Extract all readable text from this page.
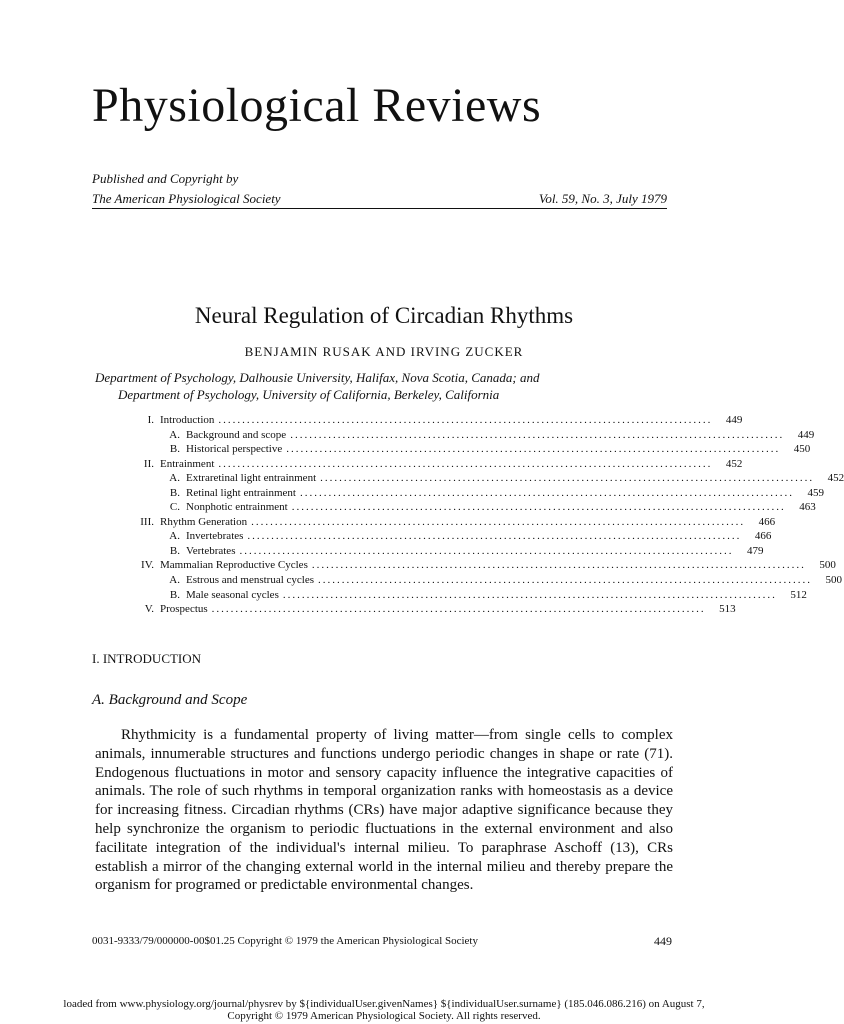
Physiological Reviews
Published and Copyright by
The American Physiological Society	Vol. 59, No. 3, July 1979
Neural Regulation of Circadian Rhythms
BENJAMIN RUSAK AND IRVING ZUCKER
Department of Psychology, Dalhousie University, Halifax, Nova Scotia, Canada; and
Department of Psychology, University of California, Berkeley, California
I. Introduction ........................................................................................................	449
A. Background and scope ........................................................................................................	449
B. Historical perspective ........................................................................................................	450
II. Entrainment ........................................................................................................	452
A. Extraretinal light entrainment ........................................................................................................	452
B. Retinal light entrainment ........................................................................................................	459
C. Nonphotic entrainment ........................................................................................................	463
III. Rhythm Generation ........................................................................................................	466
A. Invertebrates ........................................................................................................	466
B. Vertebrates ........................................................................................................	479
IV. Mammalian Reproductive Cycles ........................................................................................................	500
A. Estrous and menstrual cycles ........................................................................................................	500
B. Male seasonal cycles ........................................................................................................	512
V. Prospectus ........................................................................................................	513
I. INTRODUCTION
A. Background and Scope

Rhythmicity is a fundamental property of living matter—from single cells to complex animals, innumerable structures and functions undergo periodic changes in shape or rate (71). Endogenous fluctuations in motor and sensory capacity influence the integrative capacities of animals. The role of such rhythms in temporal organization ranks with homeostasis as a device for increasing fitness. Circadian rhythms (CRs) have major adaptive significance because they help synchronize the organism to periodic fluctuations in the external environment and also facilitate integration of the individual's internal milieu. To paraphrase Aschoff (13), CRs establish a mirror of the changing external world in the internal milieu and thereby prepare the organism for programed or predictable environmental changes.

0031-9333/79/000000-00$01.25 Copyright © 1979 the American Physiological Society	449
loaded from www.physiology.org/journal/physrev by ${individualUser.givenNames} ${individualUser.surname} (185.046.086.216) on August 7,
Copyright © 1979 American Physiological Society. All rights reserved.
